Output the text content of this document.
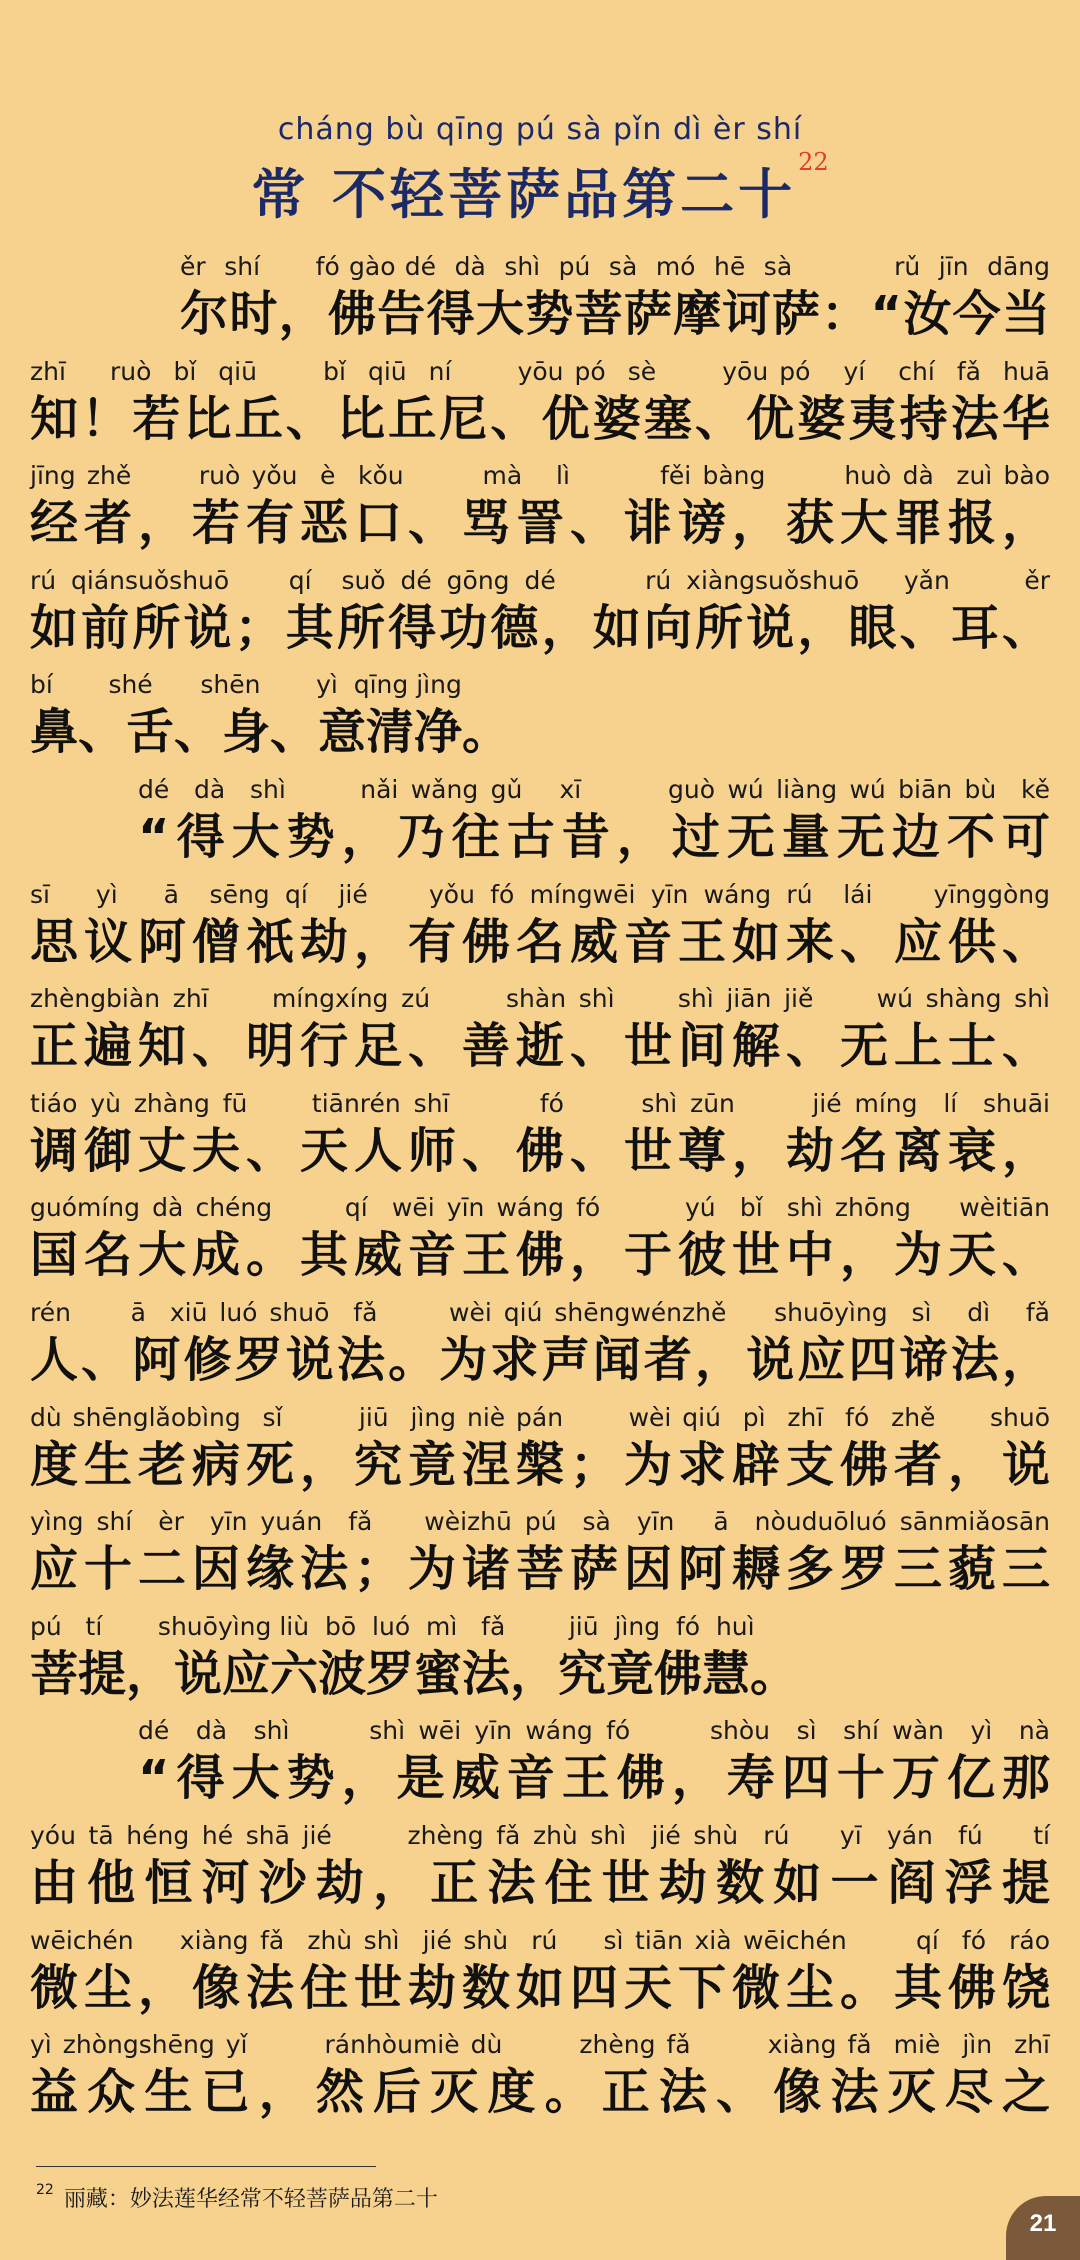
cháng bù qīng pú sà pǐn dì èr shí
常 不轻菩萨品第二十$^{22}$
ěr  shí      fó gào dé  dà  shì  pú  sà  mó  hē  sà           rǔ  jīn  dāng
尔时，佛告得大势菩萨摩诃萨：“汝今当
zhī    ruò  bǐ  qiū      bǐ  qiū  ní      yōu pó  sè      yōu pó   yí   chí  fǎ  huā
知！若比丘、比丘尼、优婆塞、优婆夷持法华
jīng zhě      ruò yǒu  è  kǒu       mà   lì        fěi bàng       huò dà  zuì bào
经者，若有恶口、骂詈、诽谤，获大罪报，
rú qiánsuǒshuō    qí  suǒ dé gōng dé      rú xiàngsuǒshuō   yǎn     ěr
如前所说；其所得功德，如向所说，眼、耳、
bí       shé      shēn       yì  qīng jìng
鼻、舌、身、意清净。
dé  dà  shì      nǎi wǎng gǔ   xī       guò wú liàng wú biān bù  kě
“得大势，乃往古昔，过无量无边不可
sī   yì   ā  sēng qí  jié    yǒu fó míngwēi yīn wáng rú  lái    yīnggòng
思议阿僧祇劫，有佛名威音王如来、应供、
zhèngbiàn zhī     míngxíng zú      shàn shì     shì jiān jiě     wú shàng shì
正遍知、明行足、善逝、世间解、无上士、
tiáo yù zhàng fū     tiānrén shī       fó      shì zūn      jié míng  lí  shuāi
调御丈夫、天人师、佛、世尊，劫名离衰，
guómíng dà chéng      qí  wēi yīn wáng fó       yú  bǐ  shì zhōng    wèitiān
国名大成。其威音王佛，于彼世中，为天、
rén     ā  xiū luó shuō  fǎ      wèi qiú shēngwénzhě    shuōyìng  sì   dì   fǎ
人、阿修罗说法。为求声闻者，说应四谛法，
dù shēnglǎobìng  sǐ       jiū  jìng niè pán      wèi qiú  pì  zhī  fó  zhě     shuō
度生老病死，究竟涅槃；为求辟支佛者，说
yìng shí  èr  yīn yuán  fǎ    wèizhū pú  sà  yīn   ā  nòuduōluó sānmiǎosān
应十二因缘法；为诸菩萨因阿耨多罗三藐三
pú   tí       shuōyìng liù  bō  luó  mì   fǎ        jiū  jìng  fó  huì
菩提，说应六波罗蜜法，究竟佛慧。
dé  dà  shì      shì wēi yīn wáng fó      shòu  sì  shí wàn  yì  nà
“得大势，是威音王佛，寿四十万亿那
yóu tā héng hé shā jié      zhèng fǎ zhù shì  jié shù  rú    yī  yán  fú    tí
由他恒河沙劫，正法住世劫数如一阎浮提
wēichén    xiàng fǎ  zhù shì  jié shù  rú    sì tiān xià wēichén      qí  fó  ráo
微尘，像法住世劫数如四天下微尘。其佛饶
yì zhòngshēng yǐ       ránhòumiè dù       zhèng fǎ       xiàng fǎ  miè  jìn  zhī
益众生已，然后灭度。正法、像法灭尽之
$^{22}$ 丽藏：妙法莲华经常不轻菩萨品第二十
21
